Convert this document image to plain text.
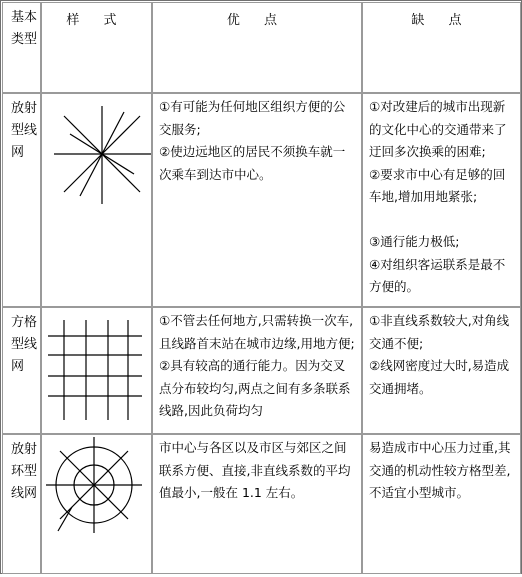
基本类型
样 式	优 点	缺 点
放射型线网
①有可能为任何地区组织方便的公交服务;
②使边远地区的居民不须换车就一次乘车到达市中心。
①对改建后的城市出现新的文化中心的交通带来了迂回多次换乘的困难;
②要求市中心有足够的回车地,增加用地紧张;

③通行能力极低;
④对组织客运联系是最不方便的。
方格型线网
①不管去任何地方,只需转换一次车,且线路首末站在城市边缘,用地方便;
②具有较高的通行能力。因为交叉点分布较均匀,两点之间有多条联系线路,因此负荷均匀
①非直线系数较大,对角线交通不便;
②线网密度过大时,易造成交通拥堵。
放射环型线网
市中心与各区以及市区与郊区之间联系方便、直接,非直线系数的平均值最小,一般在 1.1 左右。
易造成市中心压力过重,其交通的机动性较方格型差,不适宜小型城市。
